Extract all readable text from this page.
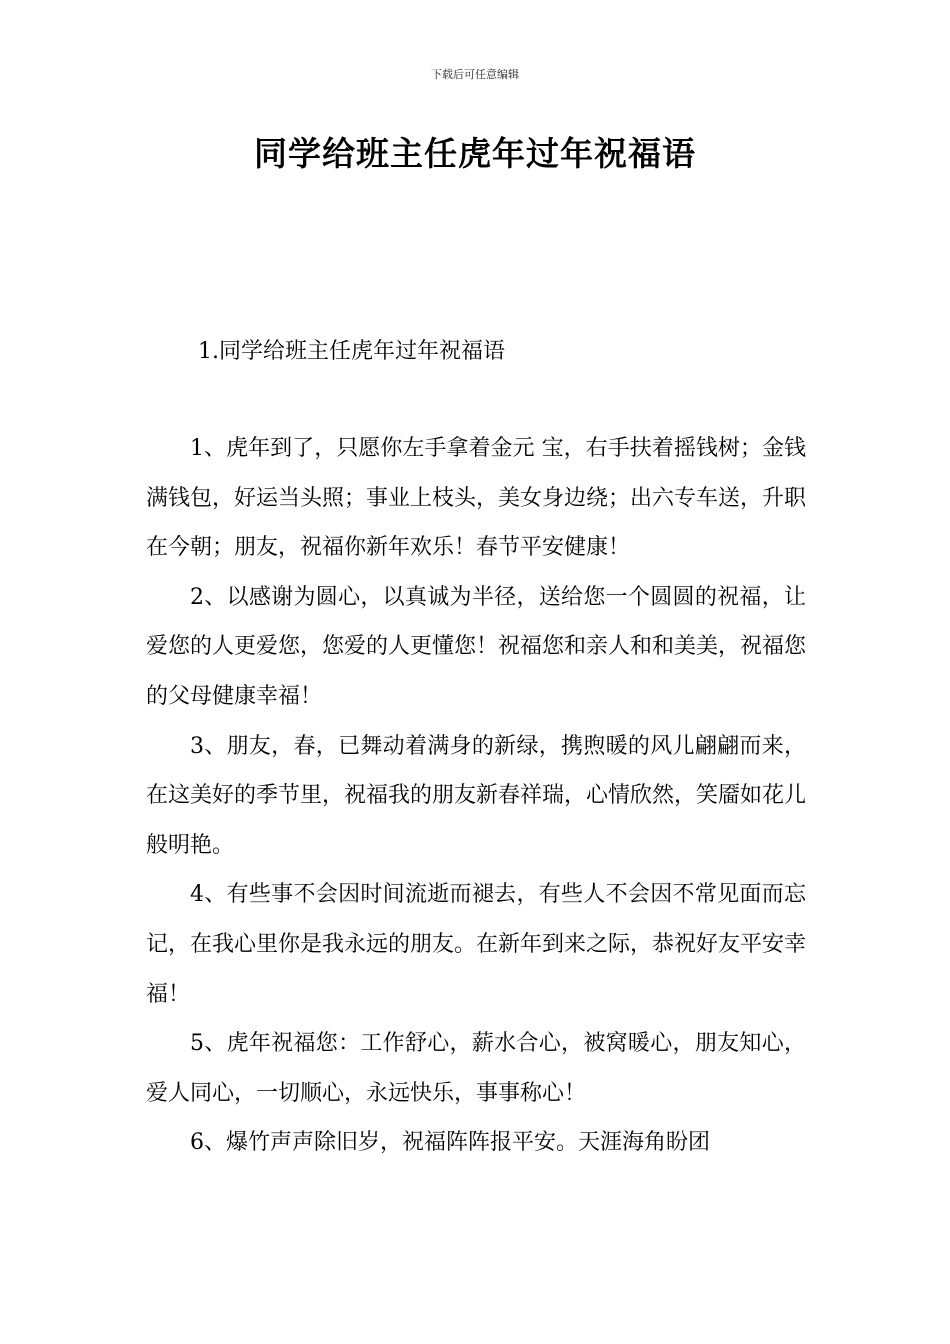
下载后可任意编辑
同学给班主任虎年过年祝福语
1.同学给班主任虎年过年祝福语

1、虎年到了，只愿你左手拿着金元 宝，右手扶着摇钱树；金钱满钱包，好运当头照；事业上枝头，美女身边绕；出六专车送，升职在今朝；朋友，祝福你新年欢乐！春节平安健康！

2、以感谢为圆心，以真诚为半径，送给您一个圆圆的祝福，让爱您的人更爱您，您爱的人更懂您！祝福您和亲人和和美美，祝福您的父母健康幸福！

3、朋友，春，已舞动着满身的新绿，携煦暖的风儿翩翩而来，在这美好的季节里，祝福我的朋友新春祥瑞，心情欣然，笑靥如花儿般明艳。

4、有些事不会因时间流逝而褪去，有些人不会因不常见面而忘记，在我心里你是我永远的朋友。在新年到来之际，恭祝好友平安幸福！

5、虎年祝福您：工作舒心，薪水合心，被窝暖心，朋友知心，爱人同心，一切顺心，永远快乐，事事称心！

6、爆竹声声除旧岁，祝福阵阵报平安。天涯海角盼团
